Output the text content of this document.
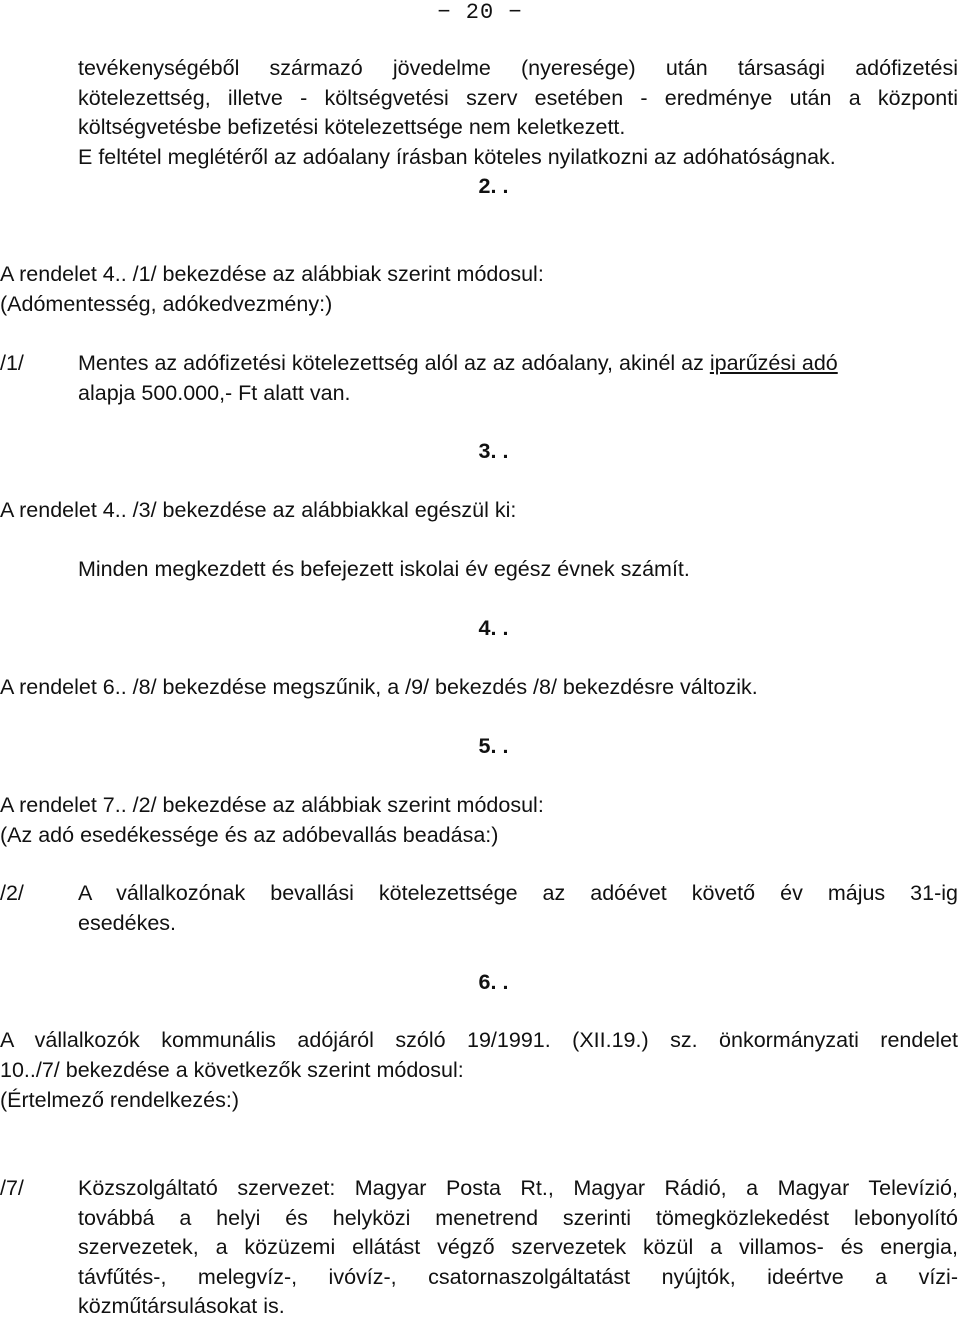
− 20 −
tevékenységéből származó jövedelme (nyeresége) után társasági adófizetési
kötelezettség, illetve - költségvetési szerv esetében - eredménye után a központi
költségvetésbe befizetési kötelezettsége nem keletkezett.
E feltétel meglétéről az adóalany írásban köteles nyilatkozni az adóhatóságnak.
2. .
A rendelet 4.. /1/ bekezdése az alábbiak szerint módosul:
(Adómentesség, adókedvezmény:)
/1/	Mentes az adófizetési kötelezettség alól az az adóalany, akinél az iparűzési adó
alapja 500.000,- Ft alatt van.
3. .
A rendelet 4.. /3/ bekezdése az alábbiakkal egészül ki:
Minden megkezdett és befejezett iskolai év egész évnek számít.
4. .
A rendelet 6.. /8/ bekezdése megszűnik, a /9/ bekezdés /8/ bekezdésre változik.
5. .
A rendelet 7.. /2/ bekezdése az alábbiak szerint módosul:
(Az adó esedékessége és az adóbevallás beadása:)
/2/	A vállalkozónak bevallási kötelezettsége az adóévet követő év május 31-ig
esedékes.
6. .
A vállalkozók kommunális adójáról szóló 19/1991. (XII.19.) sz. önkormányzati rendelet
10../7/ bekezdése a következők szerint módosul:
(Értelmező rendelkezés:)
/7/	Közszolgáltató szervezet: Magyar Posta Rt., Magyar Rádió, a Magyar Televízió,
továbbá a helyi és helyközi menetrend szerinti tömegközlekedést lebonyolító
szervezetek, a közüzemi ellátást végző szervezetek közül a villamos- és energia,
távfűtés-, melegvíz-, ivóvíz-, csatornaszolgáltatást nyújtók, ideértve a vízi-
közműtársulásokat is.
